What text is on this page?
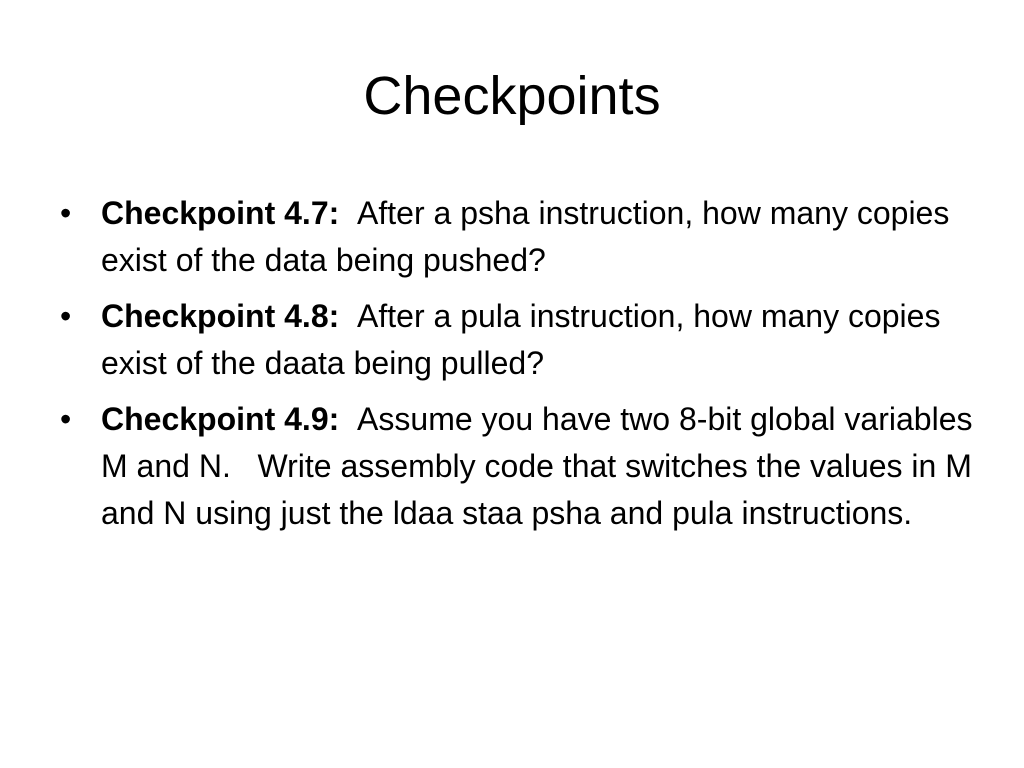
Checkpoints
• Checkpoint 4.7: After a psha instruction, how many copies exist of the data being pushed?
• Checkpoint 4.8: After a pula instruction, how many copies exist of the daata being pulled?
• Checkpoint 4.9: Assume you have two 8-bit global variables M and N.   Write assembly code that switches the values in M and N using just the ldaa staa psha and pula instructions.
